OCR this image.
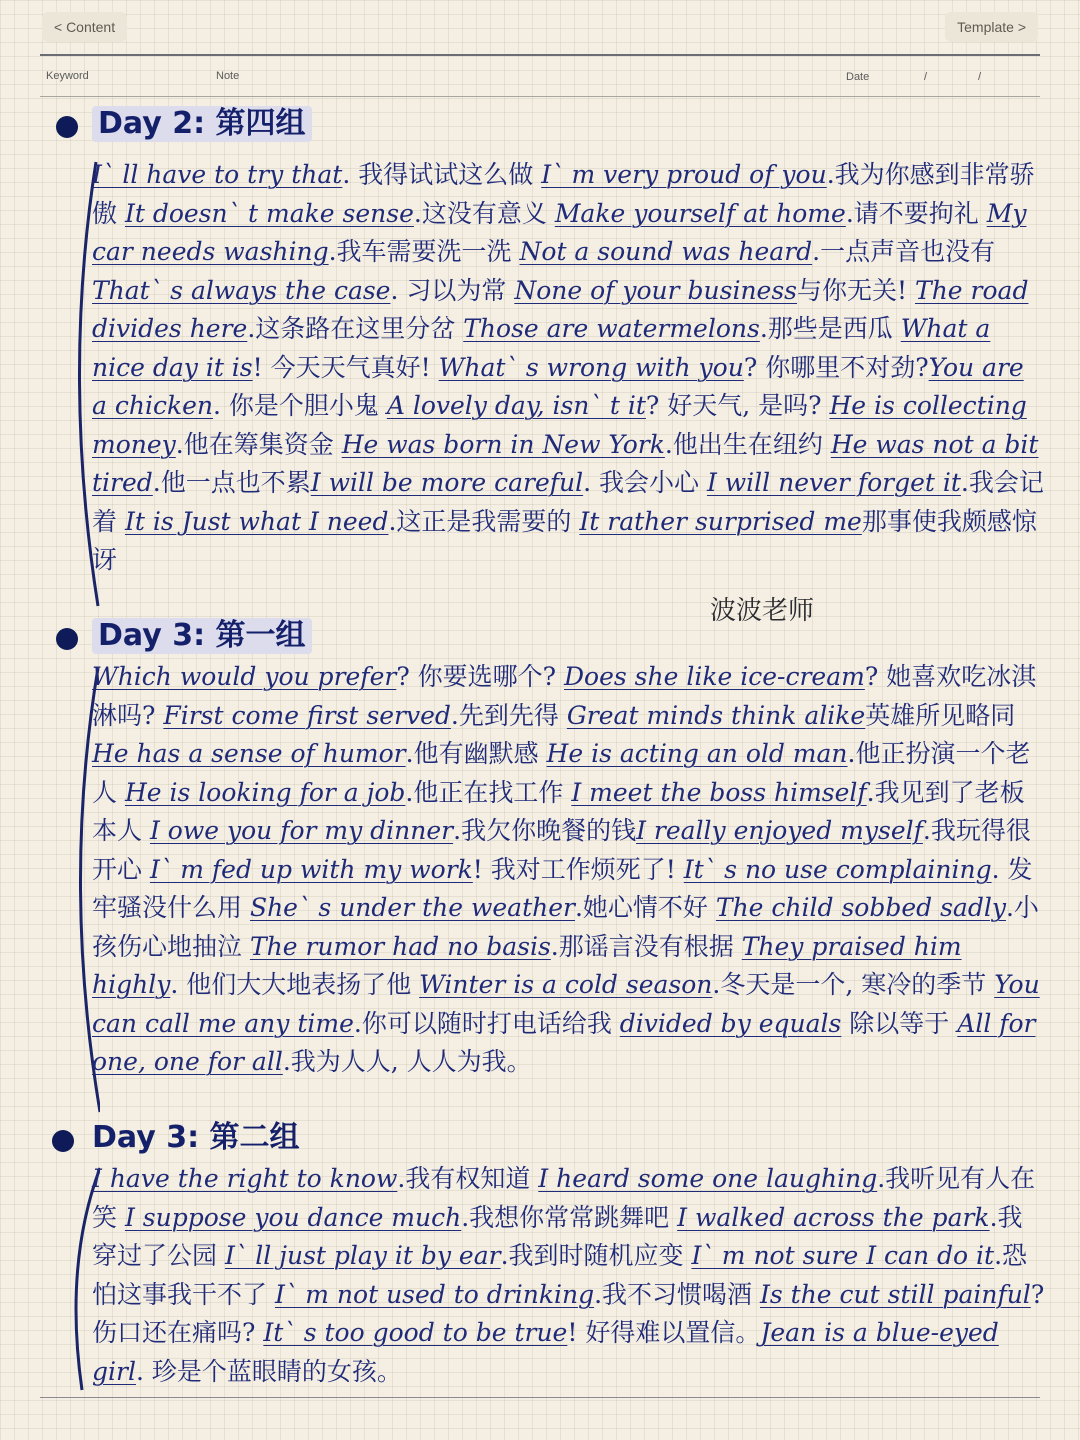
< Content	Template >
Keyword	Note	Date	/	/
Day 2: 第四组
I` ll have to try that. 我得试试这么做 I` m very proud of you.我为你感到非常骄傲 It doesn` t make sense.这没有意义 Make yourself at home.请不要拘礼 My car needs washing.我车需要洗一洗 Not a sound was heard.一点声音也没有 That` s always the case. 习以为常 None of your business与你无关! The road divides here.这条路在这里分岔 Those are watermelons.那些是西瓜 What a nice day it is! 今天天气真好! What` s wrong with you? 你哪里不对劲?You are a chicken. 你是个胆小鬼 A lovely day, isn` t it? 好天气, 是吗? He is collecting money.他在筹集资金 He was born in New York.他出生在纽约 He was not a bit tired.他一点也不累I will be more careful. 我会小心 I will never forget it.我会记着 It is Just what I need.这正是我需要的 It rather surprised me那事使我颇感惊讶
Day 3: 第一组
Which would you prefer? 你要选哪个? Does she like ice-cream? 她喜欢吃冰淇淋吗? First come first served.先到先得 Great minds think alike英雄所见略同 He has a sense of humor.他有幽默感 He is acting an old man.他正扮演一个老人 He is looking for a job.他正在找工作 I meet the boss himself.我见到了老板本人 I owe you for my dinner.我欠你晚餐的钱I really enjoyed myself.我玩得很开心 I` m fed up with my work! 我对工作烦死了! It` s no use complaining. 发牢骚没什么用 She` s under the weather.她心情不好 The child sobbed sadly.小孩伤心地抽泣 The rumor had no basis.那谣言没有根据 They praised him highly. 他们大大地表扬了他 Winter is a cold season.冬天是一个, 寒冷的季节 You can call me any time.你可以随时打电话给我 divided by equals 除以等于 All for one, one for all.我为人人, 人人为我。
Day 3: 第二组
I have the right to know.我有权知道 I heard some one laughing.我听见有人在笑 I suppose you dance much.我想你常常跳舞吧 I walked across the park.我穿过了公园 I` ll just play it by ear.我到时随机应变 I` m not sure I can do it.恐怕这事我干不了 I` m not used to drinking.我不习惯喝酒 Is the cut still painful? 伤口还在痛吗? It` s too good to be true! 好得难以置信。Jean is a blue-eyed girl. 珍是个蓝眼睛的女孩。
波波老师
